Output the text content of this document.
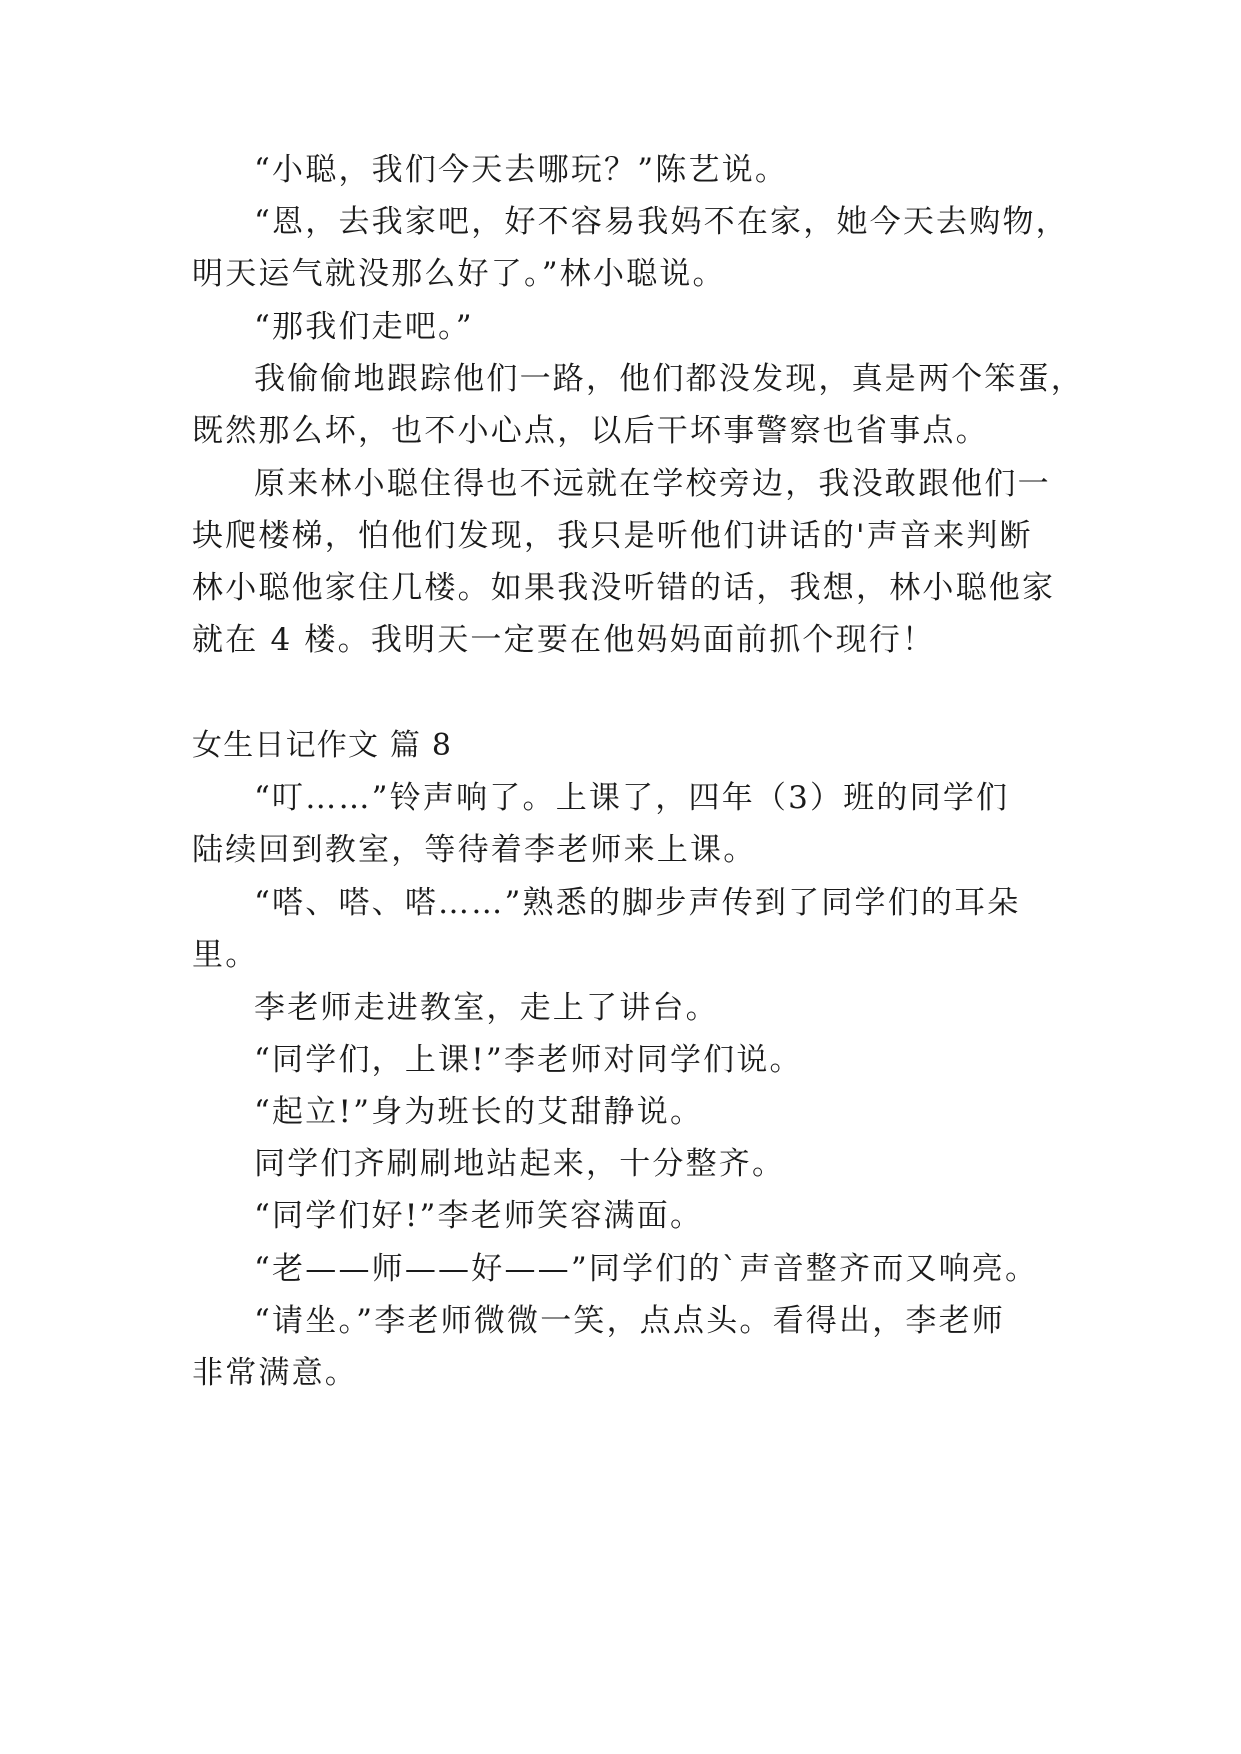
“小聪，我们今天去哪玩？”陈艺说。
“恩，去我家吧，好不容易我妈不在家，她今天去购物，
明天运气就没那么好了。”林小聪说。
“那我们走吧。”
我偷偷地跟踪他们一路，他们都没发现，真是两个笨蛋，
既然那么坏，也不小心点，以后干坏事警察也省事点。
原来林小聪住得也不远就在学校旁边，我没敢跟他们一
块爬楼梯，怕他们发现，我只是听他们讲话的'声音来判断
林小聪他家住几楼。如果我没听错的话，我想，林小聪他家
就在 4 楼。我明天一定要在他妈妈面前抓个现行！
女生日记作文 篇 8
“叮……”铃声响了。上课了，四年（3）班的同学们
陆续回到教室，等待着李老师来上课。
“嗒、嗒、嗒……”熟悉的脚步声传到了同学们的耳朵
里。
李老师走进教室，走上了讲台。
“同学们，上课!”李老师对同学们说。
“起立!”身为班长的艾甜静说。
同学们齐刷刷地站起来，十分整齐。
“同学们好!”李老师笑容满面。
“老——师——好——”同学们的`声音整齐而又响亮。
“请坐。”李老师微微一笑，点点头。看得出，李老师
非常满意。
